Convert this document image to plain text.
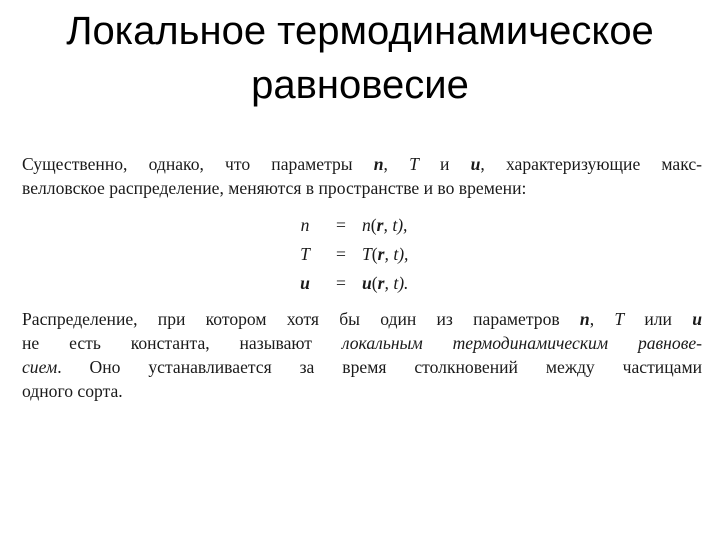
Локальное термодинамическое
равновесие

Существенно, однако, что параметры n, T и u, характеризующие макс-
велловское распределение, меняются в пространстве и во времени:

n	=	n(r, t),
T	=	T(r, t),
u	=	u(r, t).

Распределение, при котором хотя бы один из параметров n, T или u
не есть константа, называют локальным термодинамическим равнове-
сием. Оно устанавливается за время столкновений между частицами
одного сорта.
